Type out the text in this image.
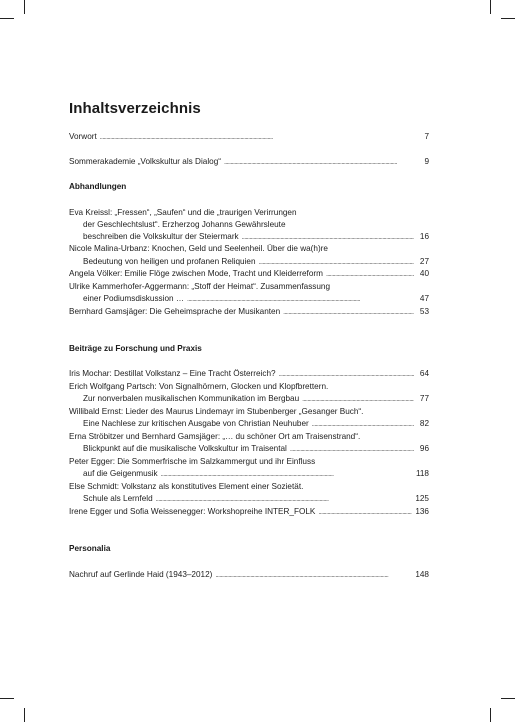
Inhaltsverzeichnis
Vorwort . . .	7
Sommerakademie „Volkskultur als Dialog“ . . .	9
Abhandlungen
Eva Kreissl: „Fressen“, „Saufen“ und die „traurigen Verirrungen
der Geschlechtslust“. Erzherzog Johanns Gewährsleute
beschreiben die Volkskultur der Steiermark . . .	16
Nicole Malina-Urbanz: Knochen, Geld und Seelenheil. Über die wa(h)re
Bedeutung von heiligen und profanen Reliquien . . .	27
Angela Völker: Emilie Flöge zwischen Mode, Tracht und Kleiderreform . . .	40
Ulrike Kammerhofer-Aggermann: „Stoff der Heimat“. Zusammenfassung
einer Podiumsdiskussion … . . .	47
Bernhard Gamsjäger: Die Geheimsprache der Musikanten . . .	53
Beiträge zu Forschung und Praxis
Iris Mochar: Destillat Volkstanz – Eine Tracht Österreich? . . .	64
Erich Wolfgang Partsch: Von Signalhörnern, Glocken und Klopfbrettern.
Zur nonverbalen musikalischen Kommunikation im Bergbau . . .	77
Willibald Ernst: Lieder des Maurus Lindemayr im Stubenberger „Gesanger Buch“.
Eine Nachlese zur kritischen Ausgabe von Christian Neuhuber . . .	82
Erna Ströbitzer und Bernhard Gamsjäger: „… du schöner Ort am Traisenstrand“.
Blickpunkt auf die musikalische Volkskultur im Traisental . . .	96
Peter Egger: Die Sommerfrische im Salzkammergut und ihr Einfluss
auf die Geigenmusik . . .	118
Else Schmidt: Volkstanz als konstitutives Element einer Sozietät.
Schule als Lernfeld . . .	125
Irene Egger und Sofia Weissenegger: Workshopreihe INTER_FOLK . . .	136
Personalia
Nachruf auf Gerlinde Haid (1943–2012) . . .	148
